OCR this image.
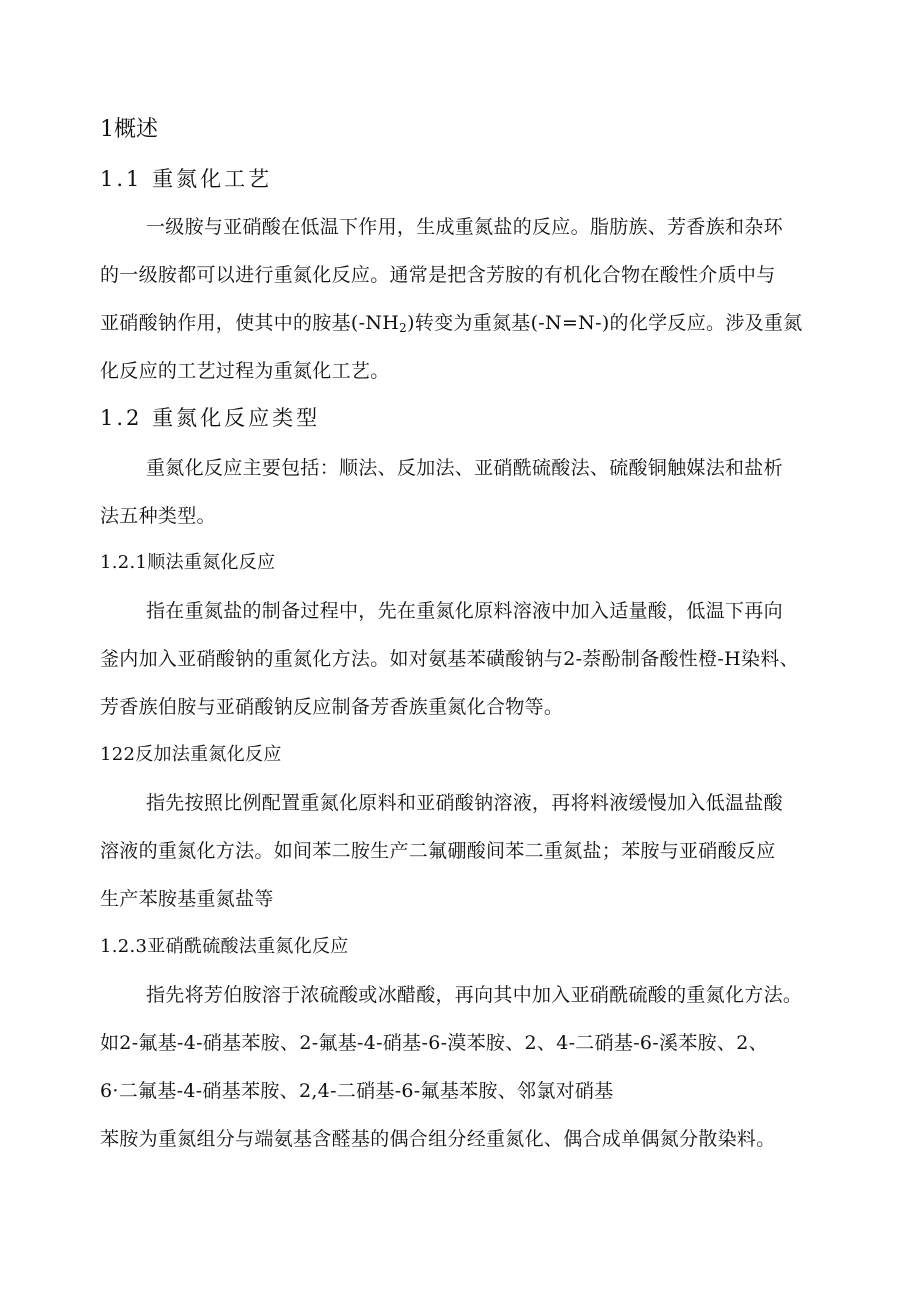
1概述
1.1 重氮化工艺
一级胺与亚硝酸在低温下作用，生成重氮盐的反应。脂肪族、芳香族和杂环
的一级胺都可以进行重氮化反应。通常是把含芳胺的有机化合物在酸性介质中与
亚硝酸钠作用，使其中的胺基$(-NH_2)$转变为重氮基(-N=N-)的化学反应。涉及重氮
化反应的工艺过程为重氮化工艺。
1.2 重氮化反应类型
重氮化反应主要包括：顺法、反加法、亚硝酰硫酸法、硫酸铜触媒法和盐析
法五种类型。
1.2.1顺法重氮化反应
指在重氮盐的制备过程中，先在重氮化原料溶液中加入适量酸，低温下再向
釜内加入亚硝酸钠的重氮化方法。如对氨基苯磺酸钠与2-萘酚制备酸性橙-H染料、
芳香族伯胺与亚硝酸钠反应制备芳香族重氮化合物等。
122反加法重氮化反应
指先按照比例配置重氮化原料和亚硝酸钠溶液，再将料液缓慢加入低温盐酸
溶液的重氮化方法。如间苯二胺生产二氟硼酸间苯二重氮盐；苯胺与亚硝酸反应
生产苯胺基重氮盐等
1.2.3亚硝酰硫酸法重氮化反应
指先将芳伯胺溶于浓硫酸或冰醋酸，再向其中加入亚硝酰硫酸的重氮化方法。
如2-氟基-4-硝基苯胺、2-氟基-4-硝基-6-漠苯胺、2、4-二硝基-6-溪苯胺、2、
6·二氟基-4-硝基苯胺、2,4-二硝基-6-氟基苯胺、邻氯对硝基
苯胺为重氮组分与端氨基含醛基的偶合组分经重氮化、偶合成单偶氮分散染料。
